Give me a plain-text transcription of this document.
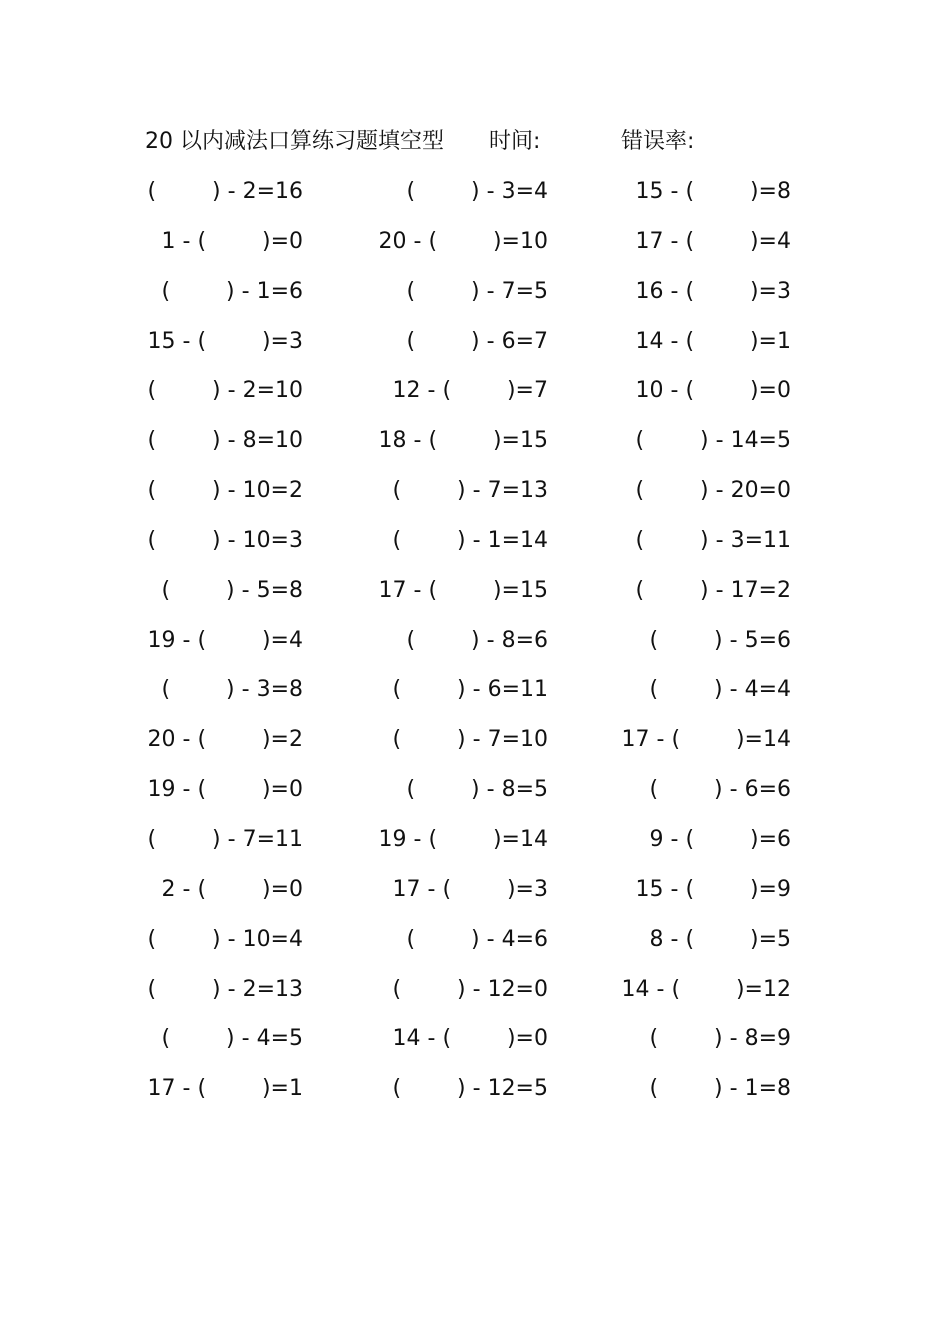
20 以内减法口算练习题填空型 时间:	错误率:
(        ) - 2=16	(        ) - 3=4	15 - (        )=8
1 - (        )=0	20 - (        )=10	17 - (        )=4
(        ) - 1=6	(        ) - 7=5	16 - (        )=3
15 - (        )=3	(        ) - 6=7	14 - (        )=1
(        ) - 2=10	12 - (        )=7	10 - (        )=0
(        ) - 8=10	18 - (        )=15	(        ) - 14=5
(        ) - 10=2	(        ) - 7=13	(        ) - 20=0
(        ) - 10=3	(        ) - 1=14	(        ) - 3=11
(        ) - 5=8	17 - (        )=15	(        ) - 17=2
19 - (        )=4	(        ) - 8=6	(        ) - 5=6
(        ) - 3=8	(        ) - 6=11	(        ) - 4=4
20 - (        )=2	(        ) - 7=10	17 - (        )=14
19 - (        )=0	(        ) - 8=5	(        ) - 6=6
(        ) - 7=11	19 - (        )=14	9 - (        )=6
2 - (        )=0	17 - (        )=3	15 - (        )=9
(        ) - 10=4	(        ) - 4=6	8 - (        )=5
(        ) - 2=13	(        ) - 12=0	14 - (        )=12
(        ) - 4=5	14 - (        )=0	(        ) - 8=9
17 - (        )=1	(        ) - 12=5	(        ) - 1=8
